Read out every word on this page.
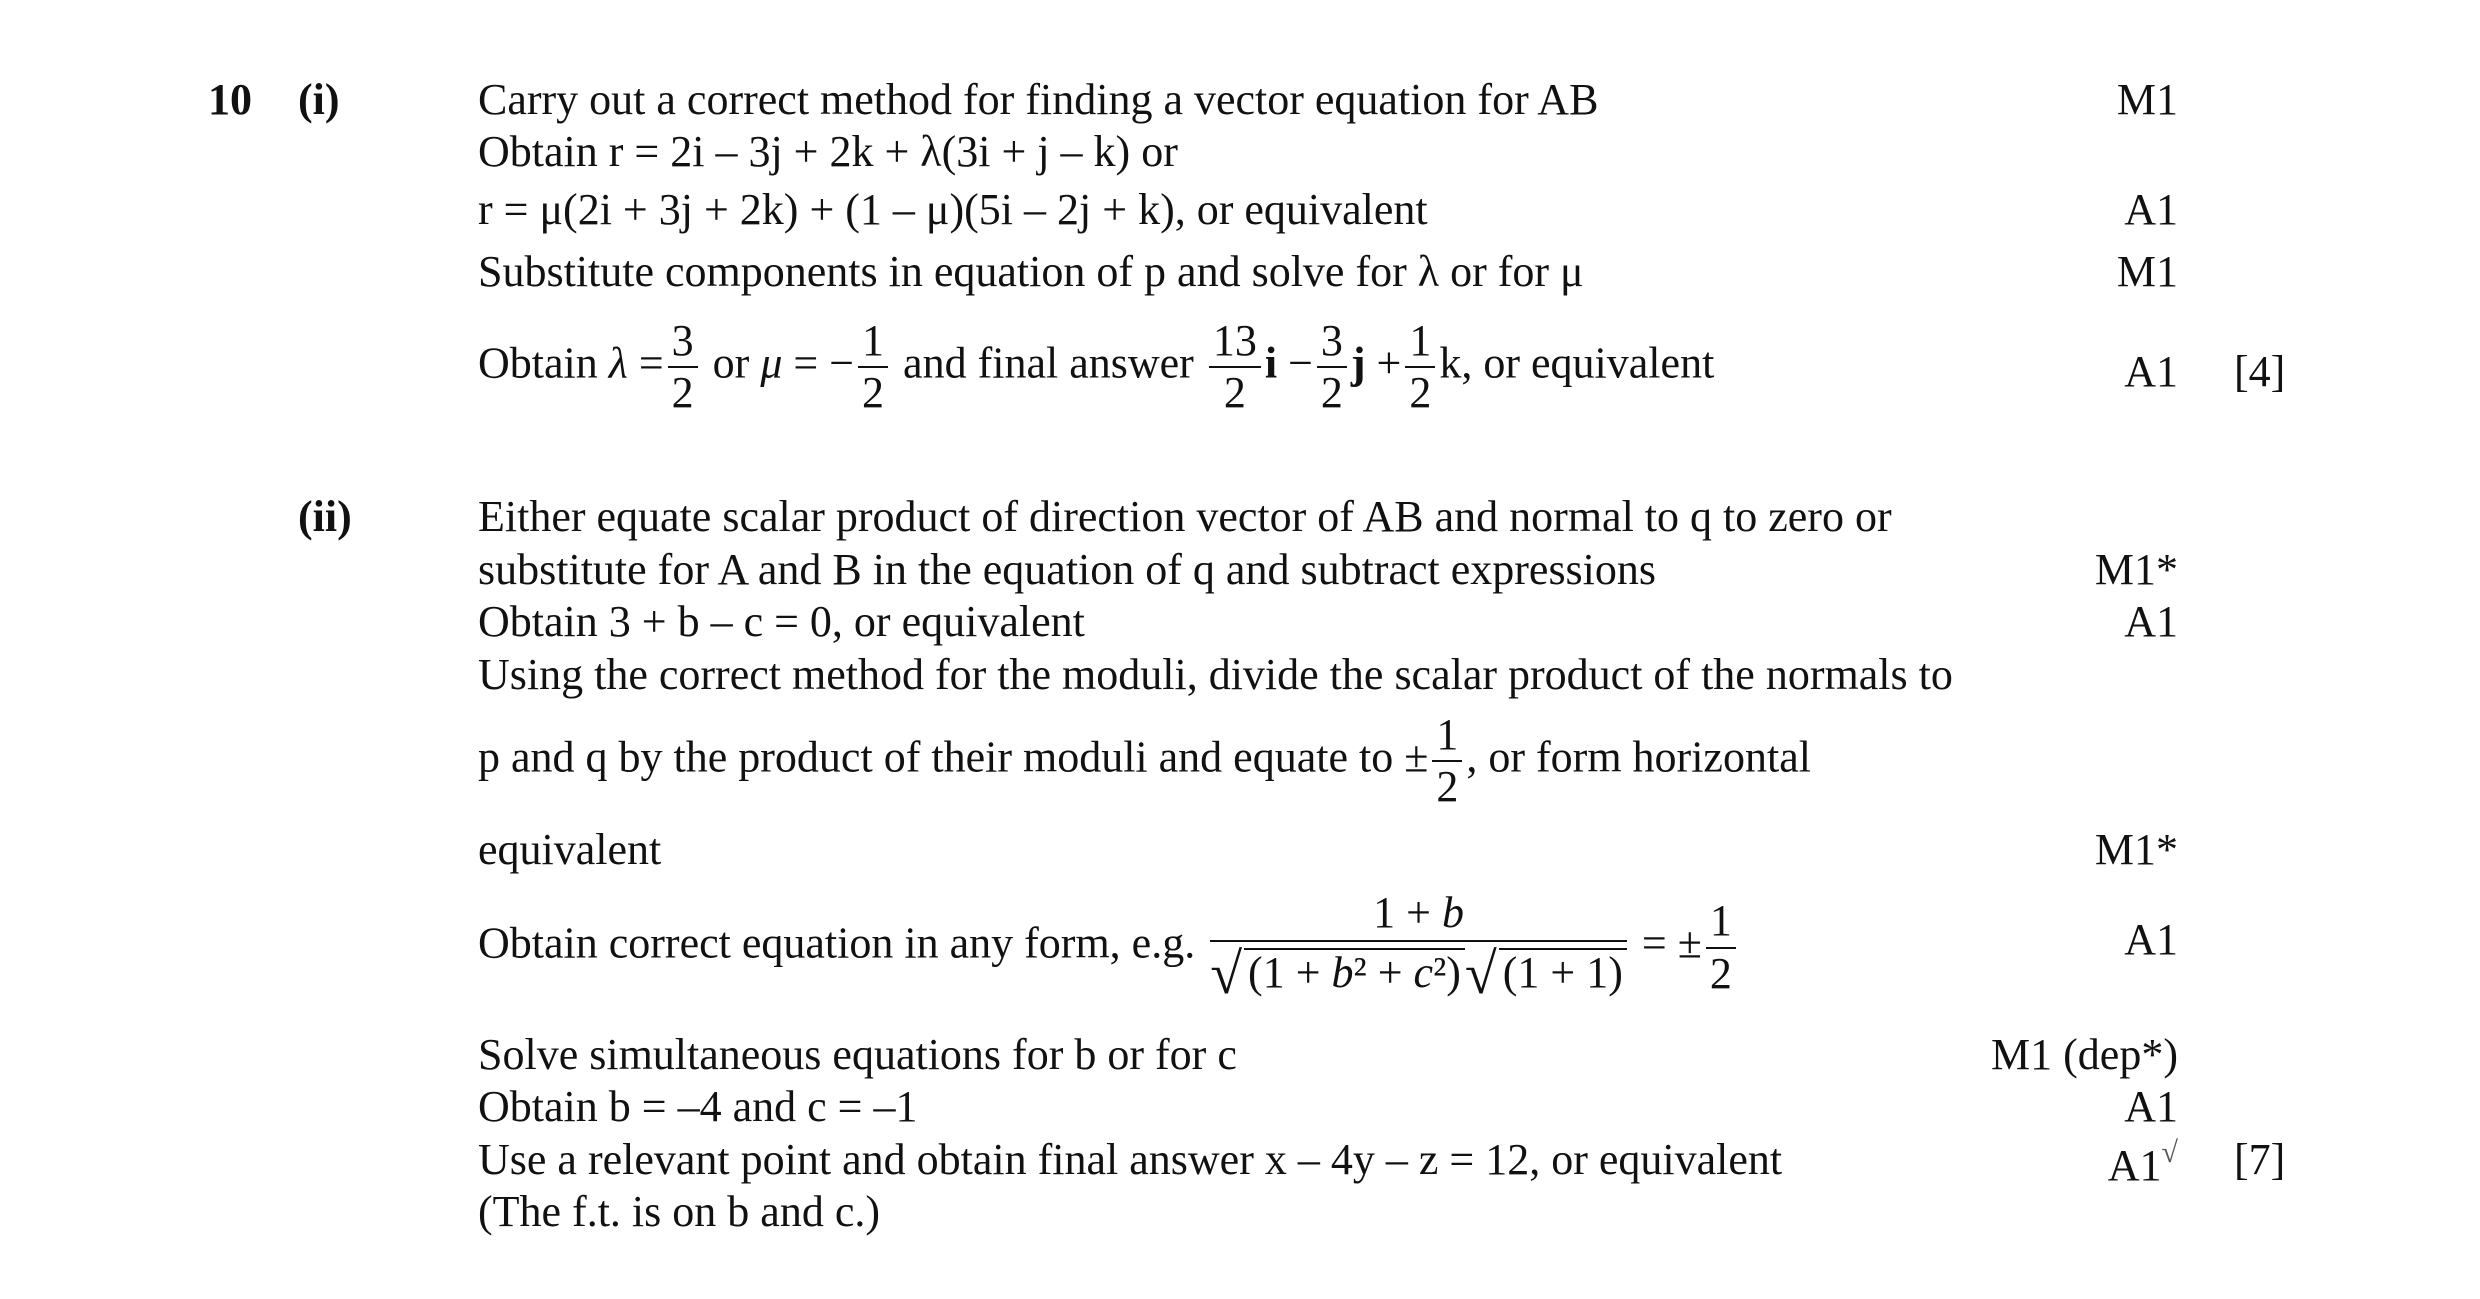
10 (i)
(ii)
Carry out a correct method for finding a vector equation for AB
Obtain r = 2i – 3j + 2k + λ(3i + j – k) or
r = μ(2i + 3j + 2k) + (1 – μ)(5i – 2j + k), or equivalent
Substitute components in equation of p and solve for λ or for μ
Obtain $\lambda = \frac{3}{2}$ or μ = − $\frac{1}{2}$ and final answer $\frac{13}{2}$ $i - \frac{3}{2}$ $j + \frac{1}{2} k$, or equivalent
M1
A1
M1
A1 [4]
Either equate scalar product of direction vector of AB and normal to q to zero or
substitute for A and B in the equation of q and subtract expressions
Obtain 3 + b – c = 0, or equivalent
Using the correct method for the moduli, divide the scalar product of the normals to
p and q by the product of their moduli and equate to ± $\frac{1}{2}$ , or form horizontal
equivalent
Obtain correct equation in any form, e.g. $\frac{1 + b}{\text{√ (1 + b² + c²)√ (1 + 1)}}$ = ± $\frac{1}{2}$
Solve simultaneous equations for b or for c
Obtain b = –4 and c = –1
Use a relevant point and obtain final answer x – 4y – z = 12, or equivalent
(The f.t. is on b and c.)
M1*
A1
M1*
A1
M1 (dep*)
A1
A1√ [7]
